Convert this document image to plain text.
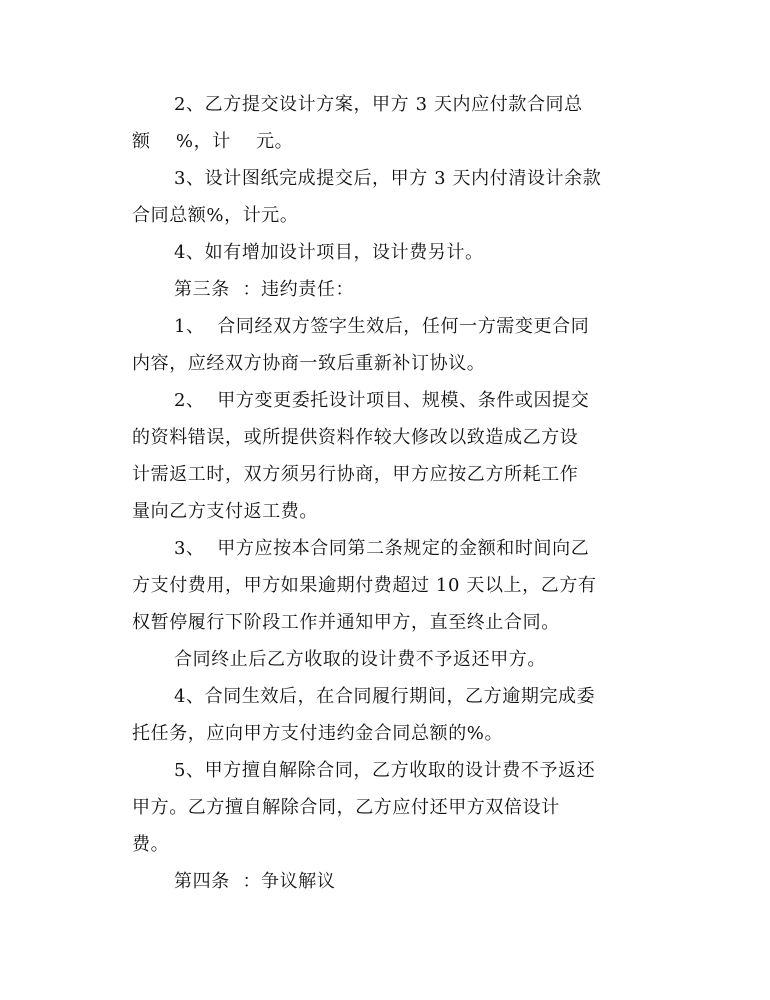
2、乙方提交设计方案，甲方 3 天内应付款合同总
额    %，计    元。

3、设计图纸完成提交后，甲方 3 天内付清设计余款
合同总额%，计元。

4、如有增加设计项目，设计费另计。

第三条  ：违约责任：

1、  合同经双方签字生效后，任何一方需变更合同
内容，应经双方协商一致后重新补订协议。

2、  甲方变更委托设计项目、规模、条件或因提交
的资料错误，或所提供资料作较大修改以致造成乙方设
计需返工时，双方须另行协商，甲方应按乙方所耗工作
量向乙方支付返工费。

3、  甲方应按本合同第二条规定的金额和时间向乙
方支付费用，甲方如果逾期付费超过 10 天以上，乙方有
权暂停履行下阶段工作并通知甲方，直至终止合同。

合同终止后乙方收取的设计费不予返还甲方。

4、合同生效后，在合同履行期间，乙方逾期完成委
托任务，应向甲方支付违约金合同总额的%。

5、甲方擅自解除合同，乙方收取的设计费不予返还
甲方。乙方擅自解除合同，乙方应付还甲方双倍设计
费。

第四条  ：争议解议
